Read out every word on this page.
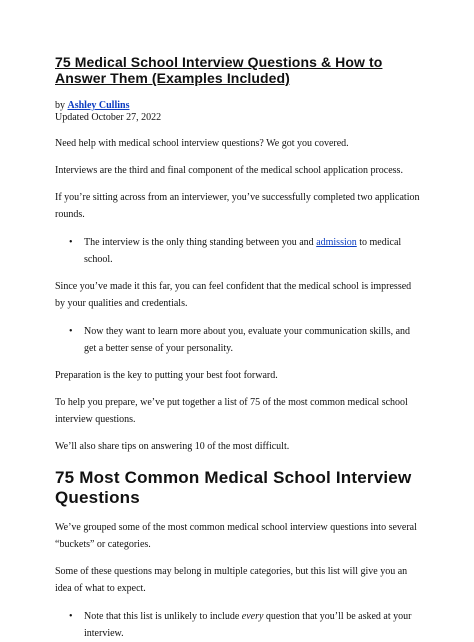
75 Medical School Interview Questions & How to Answer Them (Examples Included)
by Ashley Cullins
Updated October 27, 2022

Need help with medical school interview questions? We got you covered.

Interviews are the third and final component of the medical school application process.

If you’re sitting across from an interviewer, you’ve successfully completed two application rounds.

• The interview is the only thing standing between you and admission to medical school.

Since you’ve made it this far, you can feel confident that the medical school is impressed by your qualities and credentials.

• Now they want to learn more about you, evaluate your communication skills, and get a better sense of your personality.

Preparation is the key to putting your best foot forward.

To help you prepare, we’ve put together a list of 75 of the most common medical school interview questions.

We’ll also share tips on answering 10 of the most difficult.

75 Most Common Medical School Interview Questions

We’ve grouped some of the most common medical school interview questions into several “buckets” or categories.

Some of these questions may belong in multiple categories, but this list will give you an idea of what to expect.

• Note that this list is unlikely to include every question that you’ll be asked at your interview.
